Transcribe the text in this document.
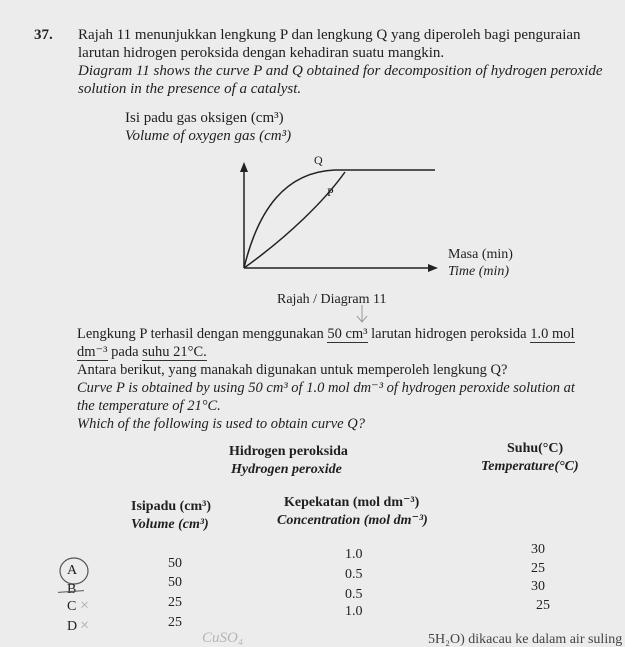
37. Rajah 11 menunjukkan lengkung P dan lengkung Q yang diperoleh bagi penguraian
larutan hidrogen peroksida dengan kehadiran suatu mangkin.
Diagram 11 shows the curve P and Q obtained for decomposition of hydrogen peroxide
solution in the presence of a catalyst.
Isi padu gas oksigen (cm³)
Volume of oxygen gas (cm³)
Q
P
Masa (min)
Time (min)
Rajah / Diagram 11
Lengkung P terhasil dengan menggunakan 50 cm³ larutan hidrogen peroksida 1.0 mol
dm⁻³ pada suhu 21°C.
Antara berikut, yang manakah digunakan untuk memperoleh lengkung Q?
Curve P is obtained by using 50 cm³ of 1.0 mol dm⁻³ of hydrogen peroxide solution at
the temperature of 21°C.
Which of the following is used to obtain curve Q?
Hidrogen peroksida
Hydrogen peroxide
Suhu(°C)
Temperature(°C)
Isipadu (cm³)
Volume (cm³)
Kepekatan (mol dm⁻³)
Concentration (mol dm⁻³)
A
B
C
D
×
×
50
50
25
25
1.0
0.5
0.5
1.0
30
25
30
25
CuSO₄	5H₂O) dikacau ke dalam air suling
